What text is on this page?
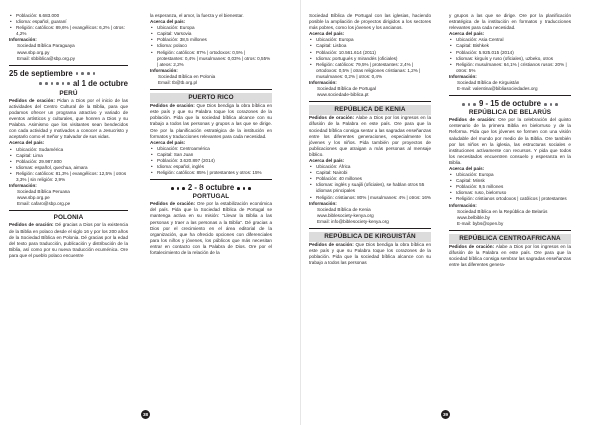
• Población: 6.683.000
• Idioma: español, guaraní
• Religión: católicos: 89,6% | evangélicos: 6,2% | otros: 4,2%
Información:
Sociedad Bíblica Paraguaya
www.sbp.org.py
Email: sbbiblica@sbp.org.py
25 de septiembre
al 1 de octubre
PERÚ
Pedidos de oración: Pidan a Dios por el inicio de las actividades del Centro Cultural de la Biblia, para que podamos ofrecer un programa atractivo y variado de eventos artísticos y culturales, que honren a Dios y su Palabra. Asimismo que los visitantes sean bendecidos con cada actividad y motivados a conocer a Jesucristo y aceptarlo como el Señor y Salvador de sus vidas.
Acerca del país:
• Ubicación: Sudamérica
• Capital: Lima
• Población: 29.987.800
• Idiomas: español, quechua, aimara
• Religión: católicos: 81,3% | evangélicos: 12,5% | otros 3,3% | sin religión: 2,9%
Información:
Sociedad Bíblica Peruana
www.sbp.org.pe
Email: cafaro@sbp.org.pe
POLONIA
Pedidos de oración: Dé gracias a Dios por la existencia de la Biblia en polaco desde el siglo 16 y por los 200 años de la Sociedad Bíblica en Polonia. Dé gracias por la edad del texto para traducción, publicación y distribución de la Biblia, así como por su nueva traducción ecuménica. Ore para que el pueblo polaco encuentre
la esperanza, el amor, la fuerza y el bienestar.
Acerca del país:
• Ubicación: Europa
• Capital: Varsovia
• Población: 38,5 millones
• Idioma: polaco
• Religión: católicos: 87% | ortodoxos: 0,5% | protestantes: 0,4% | musulmanes: 0,03% | otros: 0,55% | ateos: 2,2%
Información:
Sociedad Bíblica en Polonia
Email: tb@tb.org.pl
PUERTO RICO
Pedidos de oración: Que Dios bendiga la obra bíblica en este país y que su Palabra toque los corazones de la población. Pida que la sociedad bíblica alcance con su trabajo a todos las personas y grupos a las que se dirige. Ore por la planificación estratégica de la institución en formatos y traducciones relevantes para cada necesidad.
Acerca del país:
• Ubicación: Centroamérica
• Capital: San Juan
• Población: 3.620.897 (2014)
• Idioma: español, inglés
• Religión: católicos: 85% | protestantes y otros: 15%
2 - 8 octubre
PORTUGAL
Pedidos de oración: Ore por la estabilización económica del país. Pida que la Sociedad Bíblica de Portugal se mantenga activa en su misión: "Llevar la Biblia a las personas y traer a las personas a la Biblia". Dé gracias a Dios por el crecimiento en el área editorial de la organización, que ha ofrecido opciones con diferenciales para los niños y jóvenes, los públicos que más necesitan entrar en contacto con la Palabra de Dios. Ore por el fortalecimiento de la relación de la
38
Sociedad Bíblica de Portugal con las iglesias, haciendo posible la ampliación de proyectos dirigidos a los sectores más pobres, como los jóvenes y los ancianos.
Acerca del país:
• Ubicación: Europa
• Capital: Lisboa
• Población: 10.561.614 (2011)
• Idioma: portugués y mirandés (oficiales)
• Religión: católicos: 79,5% | protestantes: 2,4% | ortodoxos: 0,5% | otras religiones cristianas: 1,2% | musulmanes: 0,2% | otros: 0,4%
Información:
Sociedad Bíblica de Portugal
www.sociedade-biblica.pt
REPÚBLICA DE KENIA
Pedidos de oración: Alabe a Dios por los ingresos en la difusión de la Palabra en este país. Ore para que la sociedad bíblica consiga sentar a las sagradas enseñanzas entre los diferentes generaciones, especialmente los jóvenes y los niños. Pida también por proyectos de publicaciones que atraigan a más personas al mensaje bíblico.
Acerca del país:
• Ubicación: África
• Capital: Nairobi
• Población: 40 millones
• Idiomas: inglés y suajili (oficiales), se hablan otros 55 idiomas principales
• Religión: cristianos: 80% | musulmanes: 4% | otros: 16%
Información:
Sociedad Bíblica de Kenia
www.biblesociety-kenya.org
Email: info@biblesociety-kenya.org
REPÚBLICA DE KIRGUISTÁN
Pedidos de oración: Que Dios bendiga la obra bíblica en este país y que su Palabra toque los corazones de la población. Pida que la sociedad bíblica alcance con su trabajo a todos las personas
y grupos a las que se dirige. Ore por la planificación estratégica de la institución en formatos y traducciones relevantes para cada necesidad.
Acerca del país:
• Ubicación: Asia Central
• Capital: Bishkek
• Población: 5.925.015 (2014)
• Idiomas: kirguís y ruso (oficiales), uzbeko, otros
• Religión: musulmanes: 64,1% | cristianos rusos: 20% | otros: 5%
Información:
Sociedad Bíblica de Kirguistán
E-mail: valentina@bibliasociedades.org
9 - 15 de octubre
REPÚBLICA DE BELARÚS
Pedidos de oración: Ore por la celebración del quinto centenario de la primera Biblia en bielorruso y de la Reforma. Pida que los jóvenes se formen con una visión saludable del mundo por medio de la Biblia. Ore también por los niños en la iglesia, las estructuras sociales e instituciones activamente con recursos. Y pida que todos los necesitados encuentren consuelo y esperanza en la Biblia.
Acerca del país:
• Ubicación: Europa
• Capital: Minsk
• Población: 9,5 millones
• Idiomas: ruso, bielorruso
• Religión: cristianos ortodoxos | católicos | protestantes
Información:
Sociedad Bíblica en la República de Belarús
www.belbible.by
E-mail: bybs@open.by
REPÚBLICA CENTROAFRICANA
Pedidos de oración: Alabe a Dios por los ingresos en la difusión de la Palabra en este país. Ore para que la sociedad bíblica consiga sembrar las sagradas enseñanzas entre las diferentes genera-
39
